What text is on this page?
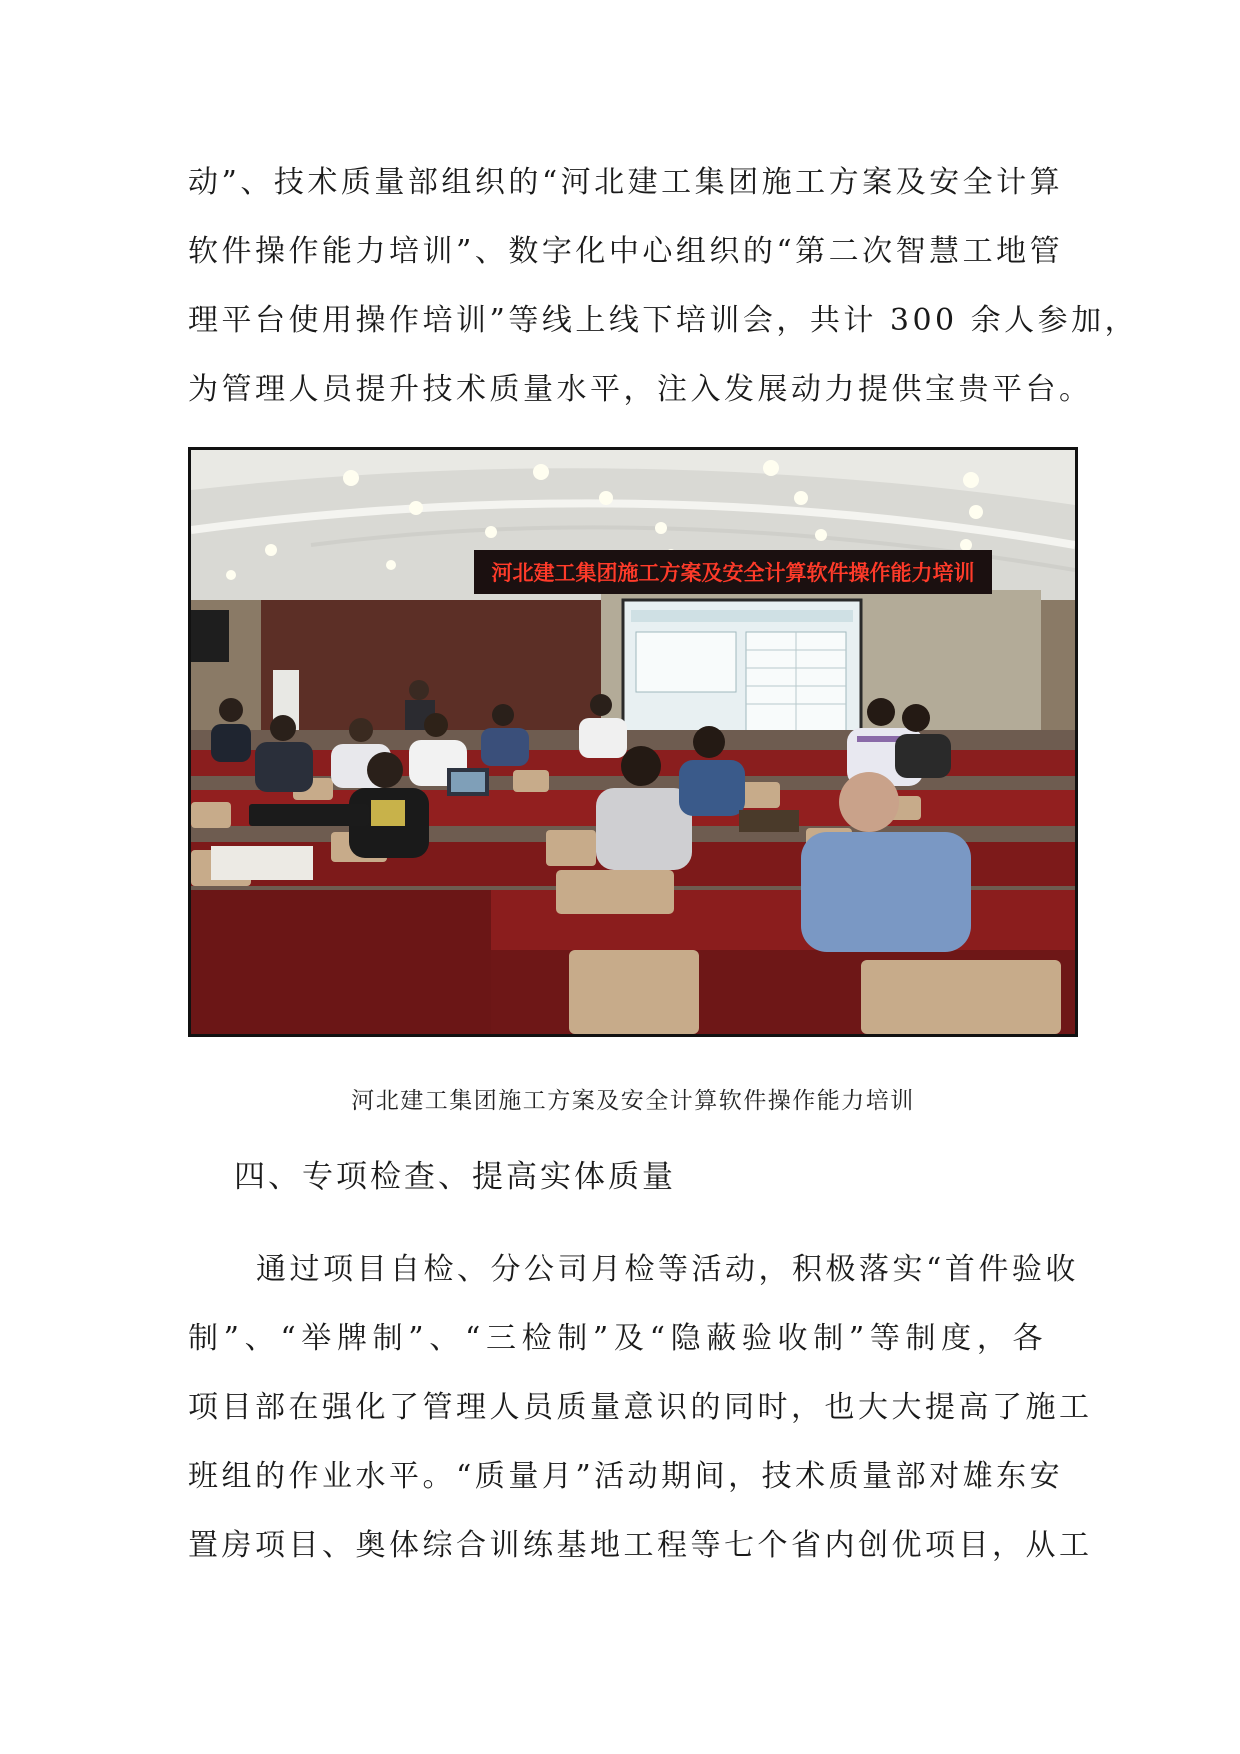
动”、技术质量部组织的“河北建工集团施工方案及安全计算
软件操作能力培训”、数字化中心组织的“第二次智慧工地管
理平台使用操作培训”等线上线下培训会，共计 300 余人参加，
为管理人员提升技术质量水平，注入发展动力提供宝贵平台。
河北建工集团施工方案及安全计算软件操作能力培训
河北建工集团施工方案及安全计算软件操作能力培训
四、专项检查、提高实体质量
通过项目自检、分公司月检等活动，积极落实“首件验收
制”、“举牌制”、“三检制”及“隐蔽验收制”等制度，各
项目部在强化了管理人员质量意识的同时，也大大提高了施工
班组的作业水平。“质量月”活动期间，技术质量部对雄东安
置房项目、奥体综合训练基地工程等七个省内创优项目，从工
